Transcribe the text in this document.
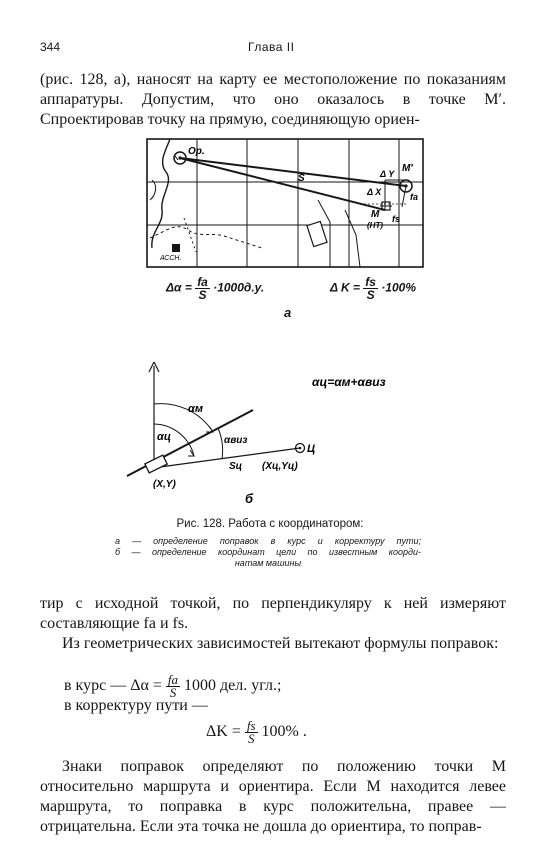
344	Глава II
(рис. 128, а), наносят на карту ее местоположение по показаниям аппаратуры. Допустим, что оно оказалось в точке M′. Спроектировав точку на прямую, соединяющую ориен-
Ор.
S	Δ Y M′
Δ X	fа
M
(НТ)
fs
АССН.
$\Delta\alpha = \frac{fа}{S} \cdot 1000д.у$.	Δ $K = \frac{fs}{S} \cdot 100\%$
а
αм
αц	αвиз
Sц (Xц,Yц)
Ц
(X,Y)
б
αц=αм+αвиз
Рис. 128. Работа с координатором:
а — определение поправок в курс и корректуру пути;
б — определение координат цели по известным коорди-
натам машины
тир с исходной точкой, по перпендикуляру к ней измеряют составляющие fа и fs.
Из геометрических зависимостей вытекают формулы поправок:
в курс — $\Delta\alpha = \frac{fа}{S} 1000$ дел. угл.;
в корректуру пути —
$\Delta K = \frac{fs}{S} 100\%$ .
Знаки поправок определяют по положению точки M относительно маршрута и ориентира. Если M находится левее маршрута, то поправка в курс положительна, правее — отрицательна. Если эта точка не дошла до ориентира, то поправ-
